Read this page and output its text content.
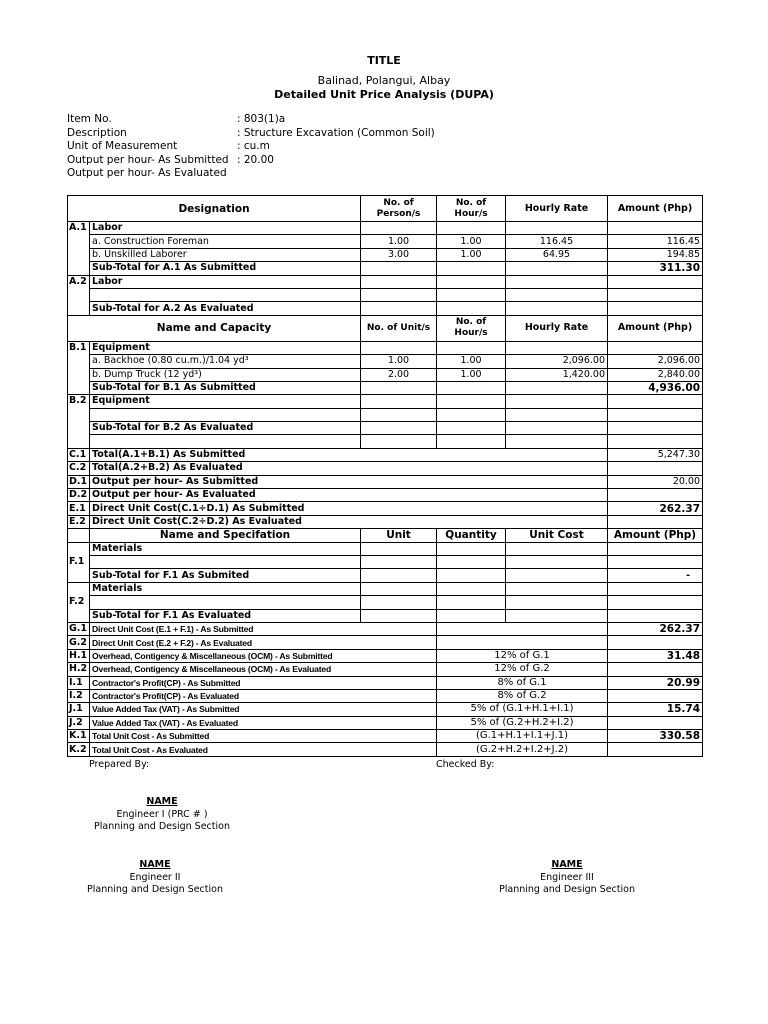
TITLE
Balinad, Polangui, Albay
Detailed Unit Price Analysis (DUPA)
Item No.	: 803(1)a
Description	: Structure Excavation (Common Soil)
Unit of Measurement	: cu.m
Output per hour- As Submitted : 20.00
Output per hour- As Evaluated
Designation		No. of Person/s	No. of Hour/s	Hourly Rate	Amount (Php)
A.1	Labor				
	a. Construction Foreman	1.00	1.00	116.45	116.45
	b. Unskilled Laborer	3.00	1.00	64.95	194.85
	Sub-Total for A.1 As Submitted				311.30
A.2	Labor				

	Sub-Total for A.2 As Evaluated				
Name and Capacity		No. of Unit/s	No. of Hour/s	Hourly Rate	Amount (Php)
B.1	Equipment				
	a. Backhoe (0.80 cu.m.)/1.04 yd³	1.00	1.00	2,096.00	2,096.00
	b. Dump Truck (12 yd³)	2.00	1.00	1,420.00	2,840.00
	Sub-Total for B.1 As Submitted				4,936.00
B.2	Equipment				

	Sub-Total for B.2 As Evaluated				

C.1	Total(A.1+B.1) As Submitted				5,247.30
C.2	Total(A.2+B.2) As Evaluated				
D.1	Output per hour- As Submitted				20.00
D.2	Output per hour- As Evaluated				
E.1	Direct Unit Cost(C.1÷D.1) As Submitted				262.37
E.2	Direct Unit Cost(C.2÷D.2) As Evaluated				
	Name and Specifation	Unit	Quantity	Unit Cost	Amount (Php)
F.1	Materials				

	Sub-Total for F.1 As Submited				-
F.2	Materials				

	Sub-Total for F.1 As Evaluated				
G.1	Direct Unit Cost (E.1 + F.1) - As Submitted				262.37
G.2	Direct Unit Cost (E.2 + F.2) - As Evaluated				
H.1	Overhead, Contigency & Miscellaneous (OCM) - As Submitted		12% of G.1		31.48
H.2	Overhead, Contigency & Miscellaneous (OCM) - As Evaluated		12% of G.2		
I.1	Contractor's Profit(CP) - As Submitted		8% of G.1		20.99
I.2	Contractor's Profit(CP) - As Evaluated		8% of G.2		
J.1	Value Added Tax (VAT) - As Submitted		5% of (G.1+H.1+I.1)		15.74
J.2	Value Added Tax (VAT) - As Evaluated		5% of (G.2+H.2+I.2)		
K.1	Total Unit Cost - As Submitted		(G.1+H.1+I.1+J.1)		330.58
K.2	Total Unit Cost - As Evaluated		(G.2+H.2+I.2+J.2)		
Prepared By:	Checked By:
NAME
Engineer I (PRC # )
Planning and Design Section
NAME
Engineer II
Planning and Design Section
NAME
Engineer III
Planning and Design Section
